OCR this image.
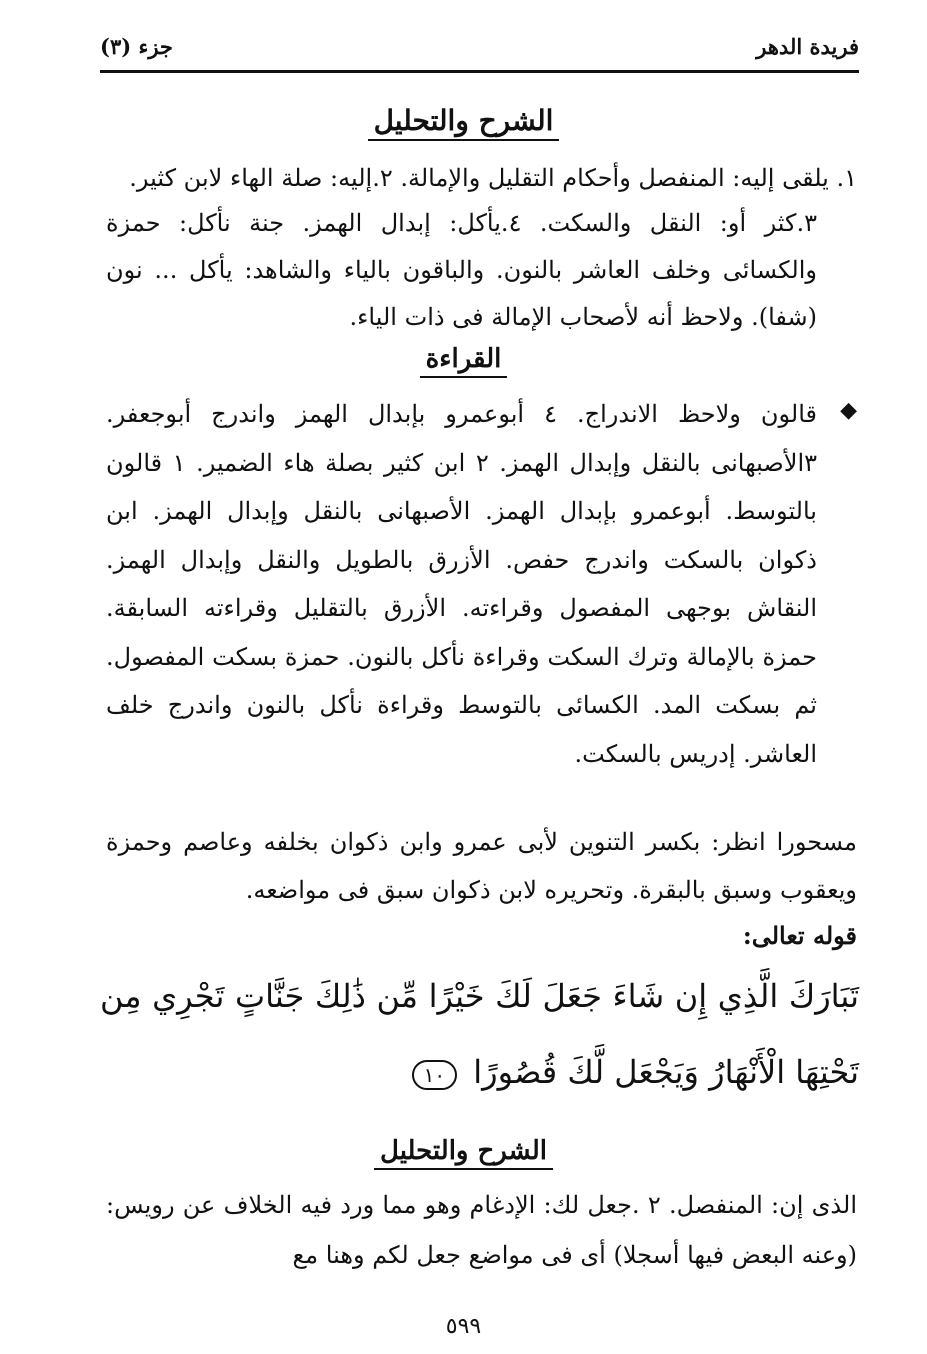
فريدة الدهر
جزء (٣)
الشرح والتحليل

١. يلقى إليه: المنفصل وأحكام التقليل والإمالة. ٢.إليه: صلة الهاء لابن كثير.

٣.كثر أو: النقل والسكت. ٤.يأكل: إبدال الهمز. جنة نأكل: حمزة والكسائى وخلف العاشر بالنون. والباقون بالياء والشاهد: يأكل ... نون (شفا). ولاحظ أنه لأصحاب الإمالة فى ذات الياء.

القراءة
◆

قالون ولاحظ الاندراج. ٤ أبوعمرو بإبدال الهمز واندرج أبوجعفر. ٣الأصبهانى بالنقل وإبدال الهمز. ٢ ابن كثير بصلة هاء الضمير. ١ قالون بالتوسط. أبوعمرو بإبدال الهمز. الأصبهانى بالنقل وإبدال الهمز. ابن ذكوان بالسكت واندرج حفص. الأزرق بالطويل والنقل وإبدال الهمز. النقاش بوجهى المفصول وقراءته. الأزرق بالتقليل وقراءته السابقة. حمزة بالإمالة وترك السكت وقراءة نأكل بالنون. حمزة بسكت المفصول. ثم بسكت المد. الكسائى بالتوسط وقراءة نأكل بالنون واندرج خلف العاشر. إدريس بالسكت.

مسحورا انظر: بكسر التنوين لأبى عمرو وابن ذكوان بخلفه وعاصم وحمزة ويعقوب وسبق بالبقرة. وتحريره لابن ذكوان سبق فى مواضعه.

قوله تعالى:

تَبَارَكَ الَّذِي إِن شَاءَ جَعَلَ لَكَ خَيْرًا مِّن ذَٰلِكَ جَنَّاتٍ تَجْرِي مِن تَحْتِهَا الْأَنْهَارُ وَيَجْعَل لَّكَ قُصُورًا ١٠

الشرح والتحليل

الذى إن: المنفصل. ٢ .جعل لك: الإدغام وهو مما ورد فيه الخلاف عن رويس: (وعنه البعض فيها أسجلا) أى فى مواضع جعل لكم وهنا مع

٥٩٩
